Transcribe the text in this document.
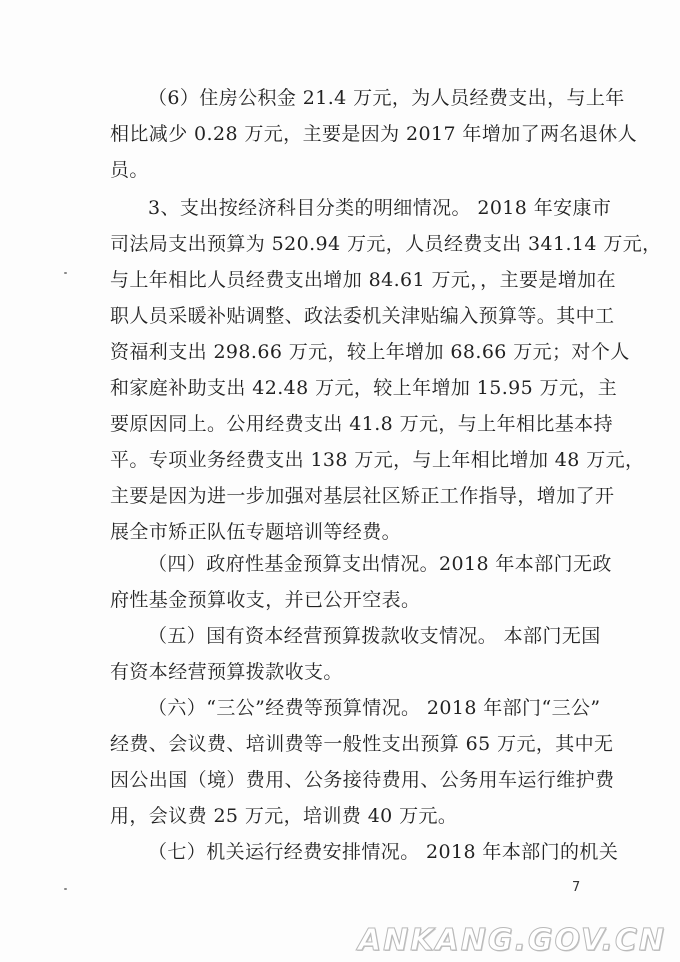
（6）住房公积金 21.4 万元，为人员经费支出，与上年
相比减少 0.28 万元，主要是因为 2017 年增加了两名退休人
员。
3、支出按经济科目分类的明细情况。 2018 年安康市
司法局支出预算为 520.94 万元，人员经费支出 341.14 万元，
与上年相比人员经费支出增加 84.61 万元，，主要是增加在
职人员采暖补贴调整、政法委机关津贴编入预算等。其中工
资福利支出 298.66 万元，较上年增加 68.66 万元；对个人
和家庭补助支出 42.48 万元，较上年增加 15.95 万元，主
要原因同上。公用经费支出 41.8 万元，与上年相比基本持
平。专项业务经费支出 138 万元，与上年相比增加 48 万元，
主要是因为进一步加强对基层社区矫正工作指导，增加了开
展全市矫正队伍专题培训等经费。
（四）政府性基金预算支出情况。2018 年本部门无政
府性基金预算收支，并已公开空表。
（五）国有资本经营预算拨款收支情况。 本部门无国
有资本经营预算拨款收支。
（六）“三公”经费等预算情况。 2018 年部门“三公”
经费、会议费、培训费等一般性支出预算 65 万元，其中无
因公出国（境）费用、公务接待费用、公务用车运行维护费
用，会议费 25 万元，培训费 40 万元。
（七）机关运行经费安排情况。 2018 年本部门的机关
7
ANKANG.GOV.CN
